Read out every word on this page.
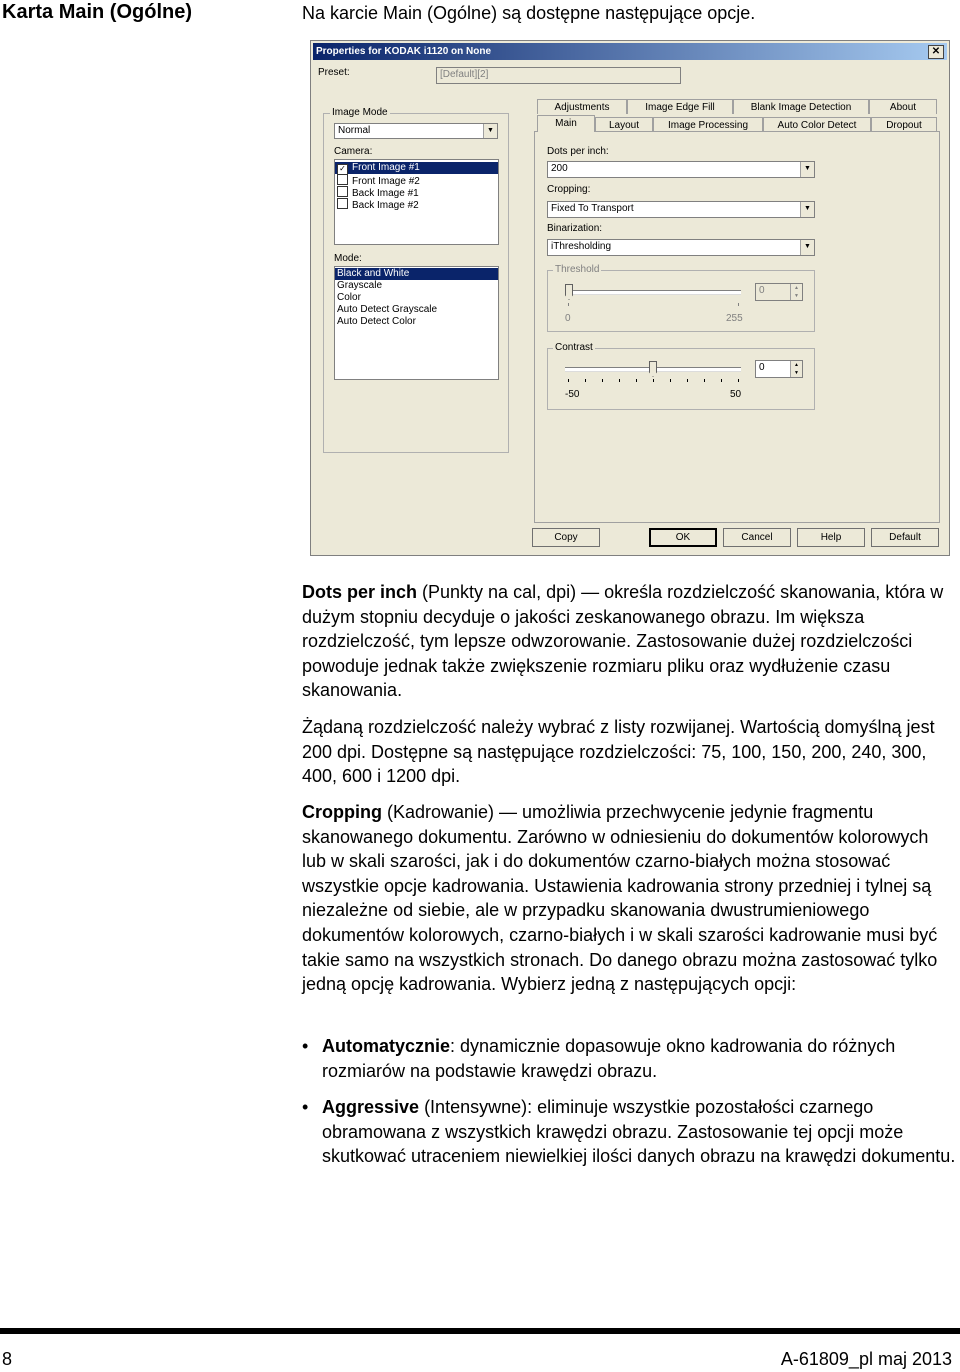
Karta Main (Ogólne)	Na karcie Main (Ogólne) są dostępne następujące opcje.
Properties for KODAK i1120 on None	✕
Preset:	[Default][2]
Image Mode
Normal	▼
Camera:
✓ Front Image #1
Front Image #2
Back Image #1
Back Image #2
Mode:
Black and White
Grayscale
Color
Auto Detect Grayscale
Auto Detect Color
Adjustments	Image Edge Fill	Blank Image Detection	About
Main	Layout	Image Processing	Auto Color Detect	Dropout
Dots per inch:
200	▼
Cropping:
Fixed To Transport	▼
Binarization:
iThresholding	▼
Threshold
0	255
0	▲
▼
Contrast
-50	50
0	▲
▼
Copy	OK	Cancel	Help	Default

Dots per inch (Punkty na cal, dpi) — określa rozdzielczość skanowania, która w dużym stopniu decyduje o jakości zeskanowanego obrazu. Im większa rozdzielczość, tym lepsze odwzorowanie. Zastosowanie dużej rozdzielczości powoduje jednak także zwiększenie rozmiaru pliku oraz wydłużenie czasu skanowania.

Żądaną rozdzielczość należy wybrać z listy rozwijanej. Wartością domyślną jest 200 dpi. Dostępne są następujące rozdzielczości: 75, 100, 150, 200, 240, 300, 400, 600 i 1200 dpi.

Cropping (Kadrowanie) — umożliwia przechwycenie jedynie fragmentu skanowanego dokumentu. Zarówno w odniesieniu do dokumentów kolorowych lub w skali szarości, jak i do dokumentów czarno-białych można stosować wszystkie opcje kadrowania. Ustawienia kadrowania strony przedniej i tylnej są niezależne od siebie, ale w przypadku skanowania dwustrumieniowego dokumentów kolorowych, czarno-białych i w skali szarości kadrowanie musi być takie samo na wszystkich stronach. Do danego obrazu można zastosować tylko jedną opcję kadrowania. Wybierz jedną z następujących opcji:

• Automatycznie: dynamicznie dopasowuje okno kadrowania do różnych rozmiarów na podstawie krawędzi obrazu.
• Aggressive (Intensywne): eliminuje wszystkie pozostałości czarnego obramowana z wszystkich krawędzi obrazu. Zastosowanie tej opcji może skutkować utraceniem niewielkiej ilości danych obrazu na krawędzi dokumentu.
8	A-61809_pl maj 2013
